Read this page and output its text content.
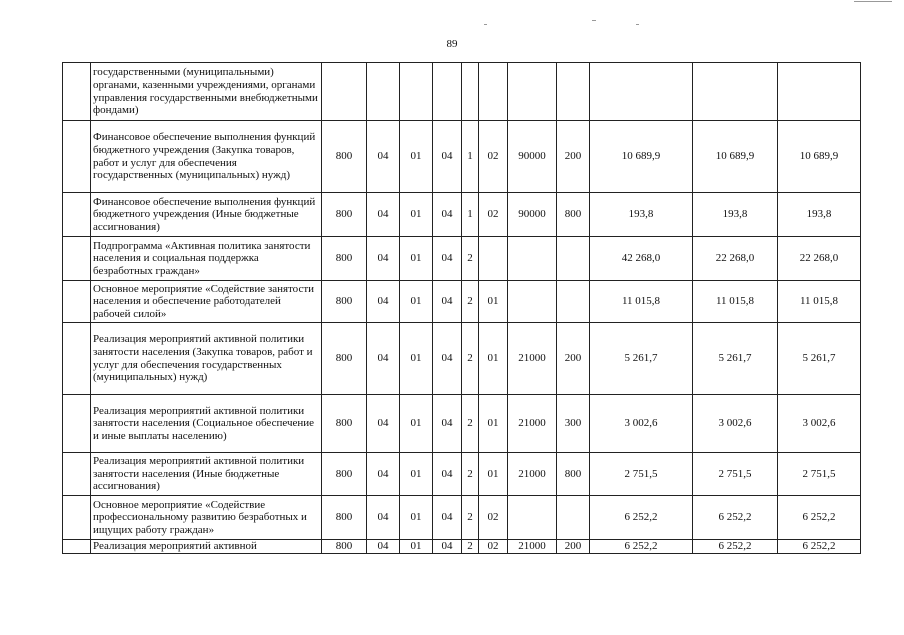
89
	государственными (муниципальными) органами, казенными учреждениями, органами управления государственными внебюджетными фондами)											
	Финансовое обеспечение выполнения функций бюджетного учреждения (Закупка товаров, работ и услуг для обеспечения государственных (муниципальных) нужд)	800	04	01	04	1	02	90000	200	10 689,9	10 689,9	10 689,9
	Финансовое обеспечение выполнения функций бюджетного учреждения (Иные бюджетные ассигнования)	800	04	01	04	1	02	90000	800	193,8	193,8	193,8
	Подпрограмма «Активная политика занятости населения и социальная поддержка безработных граждан»	800	04	01	04	2				42 268,0	22 268,0	22 268,0
	Основное мероприятие «Содействие занятости населения и обеспечение работодателей рабочей силой»	800	04	01	04	2	01			11 015,8	11 015,8	11 015,8
	Реализация мероприятий активной политики занятости населения (Закупка товаров, работ и услуг для обеспечения государственных (муниципальных) нужд)	800	04	01	04	2	01	21000	200	5 261,7	5 261,7	5 261,7
	Реализация мероприятий активной политики занятости населения (Социальное обеспечение и иные выплаты населению)	800	04	01	04	2	01	21000	300	3 002,6	3 002,6	3 002,6
	Реализация мероприятий активной политики занятости населения (Иные бюджетные ассигнования)	800	04	01	04	2	01	21000	800	2 751,5	2 751,5	2 751,5
	Основное мероприятие «Содействие профессиональному развитию безработных и ищущих работу граждан»	800	04	01	04	2	02			6 252,2	6 252,2	6 252,2
	Реализация мероприятий активной	800	04	01	04	2	02	21000	200	6 252,2	6 252,2	6 252,2
